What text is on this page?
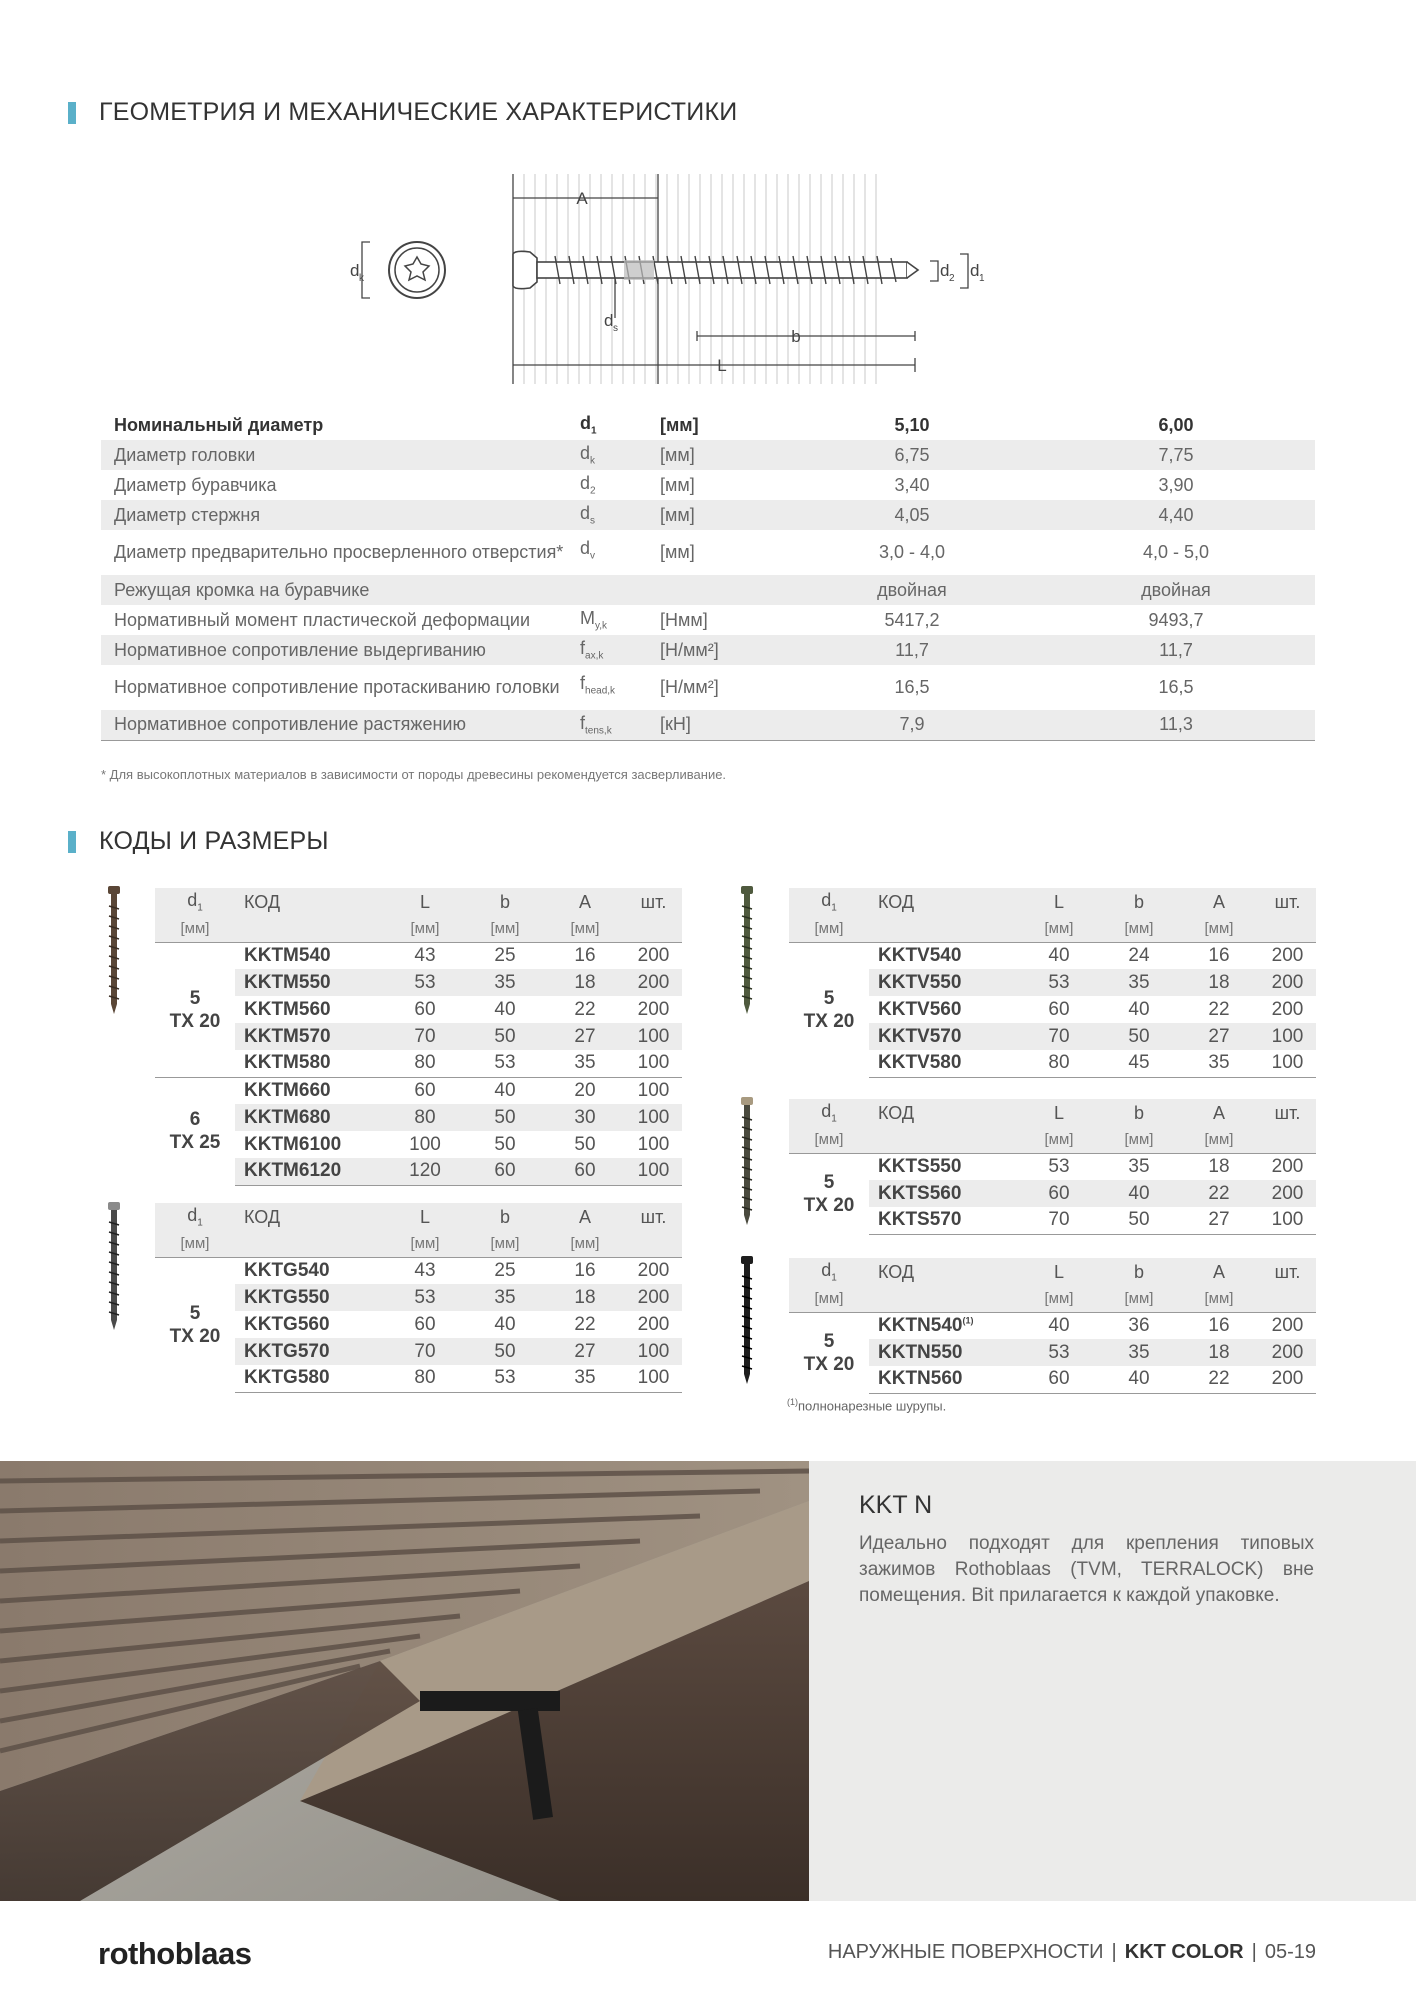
ГЕОМЕТРИЯ И МЕХАНИЧЕСКИЕ ХАРАКТЕРИСТИКИ
A
b
L
d k
d s
d 2 d 1
Номинальный диаметр	$d_1$	[мм]	5,10	6,00
Диаметр головки	$d_k$	[мм]	6,75	7,75
Диаметр буравчика	$d_2$	[мм]	3,40	3,90
Диаметр стержня	$d_s$	[мм]	4,05	4,40
Диаметр предварительно просверленного отверстия*	$d_v$	[мм]	3,0 - 4,0	4,0 - 5,0
Режущая кромка на буравчике			двойная	двойная
Нормативный момент пластической деформации	$M_{y,k}$	[Нмм]	5417,2	9493,7
Нормативное сопротивление выдергиванию	$f_{ax,k}$	[Н/мм²]	11,7	11,7
Нормативное сопротивление протаскиванию головки	$f_{head,k}$	[Н/мм²]	16,5	16,5
Нормативное сопротивление растяжению	$f_{tens,k}$	[кН]	7,9	11,3
* Для высокоплотных материалов в зависимости от породы древесины рекомендуется засверливание.
КОДЫ И РАЗМЕРЫ
$d_1$	КОД	L	b	A	шт.
[мм]		[мм]	[мм]	[мм]	

5
TX 20	KKTM540	43	25	16	200
	KKTM550	53	35	18	200
	KKTM560	60	40	22	200
	KKTM570	70	50	27	100
	KKTM580	80	53	35	100

6
TX 25	KKTM660	60	40	20	100
	KKTM680	80	50	30	100
	KKTM6100	100	50	50	100
	KKTM6120	120	60	60	100
$d_1$	КОД	L	b	A	шт.
[мм]		[мм]	[мм]	[мм]	

5
TX 20	KKTG540	43	25	16	200
	KKTG550	53	35	18	200
	KKTG560	60	40	22	200
	KKTG570	70	50	27	100
	KKTG580	80	53	35	100
$d_1$	КОД	L	b	A	шт.
[мм]		[мм]	[мм]	[мм]	

5
TX 20	KKTV540	40	24	16	200
	KKTV550	53	35	18	200
	KKTV560	60	40	22	200
	KKTV570	70	50	27	100
	KKTV580	80	45	35	100
$d_1$	КОД	L	b	A	шт.
[мм]		[мм]	[мм]	[мм]	

5
TX 20	KKTS550	53	35	18	200
	KKTS560	60	40	22	200
	KKTS570	70	50	27	100
$d_1$	КОД	L	b	A	шт.
[мм]		[мм]	[мм]	[мм]	

5
TX 20	KKTN540$^{(1)}$	40	36	16	200
	KKTN550	53	35	18	200
	KKTN560	60	40	22	200
$^{(1)}$полнонарезные шурупы.
KKT N
Идеально подходят для крепления типовых зажимов Rothoblaas (TVM, TERRALOCK) вне помещения. Bit прилагается к каждой упаковке.
rothoblaas	НАРУЖНЫЕ ПОВЕРХНОСТИ | KKT COLOR | 05-19
